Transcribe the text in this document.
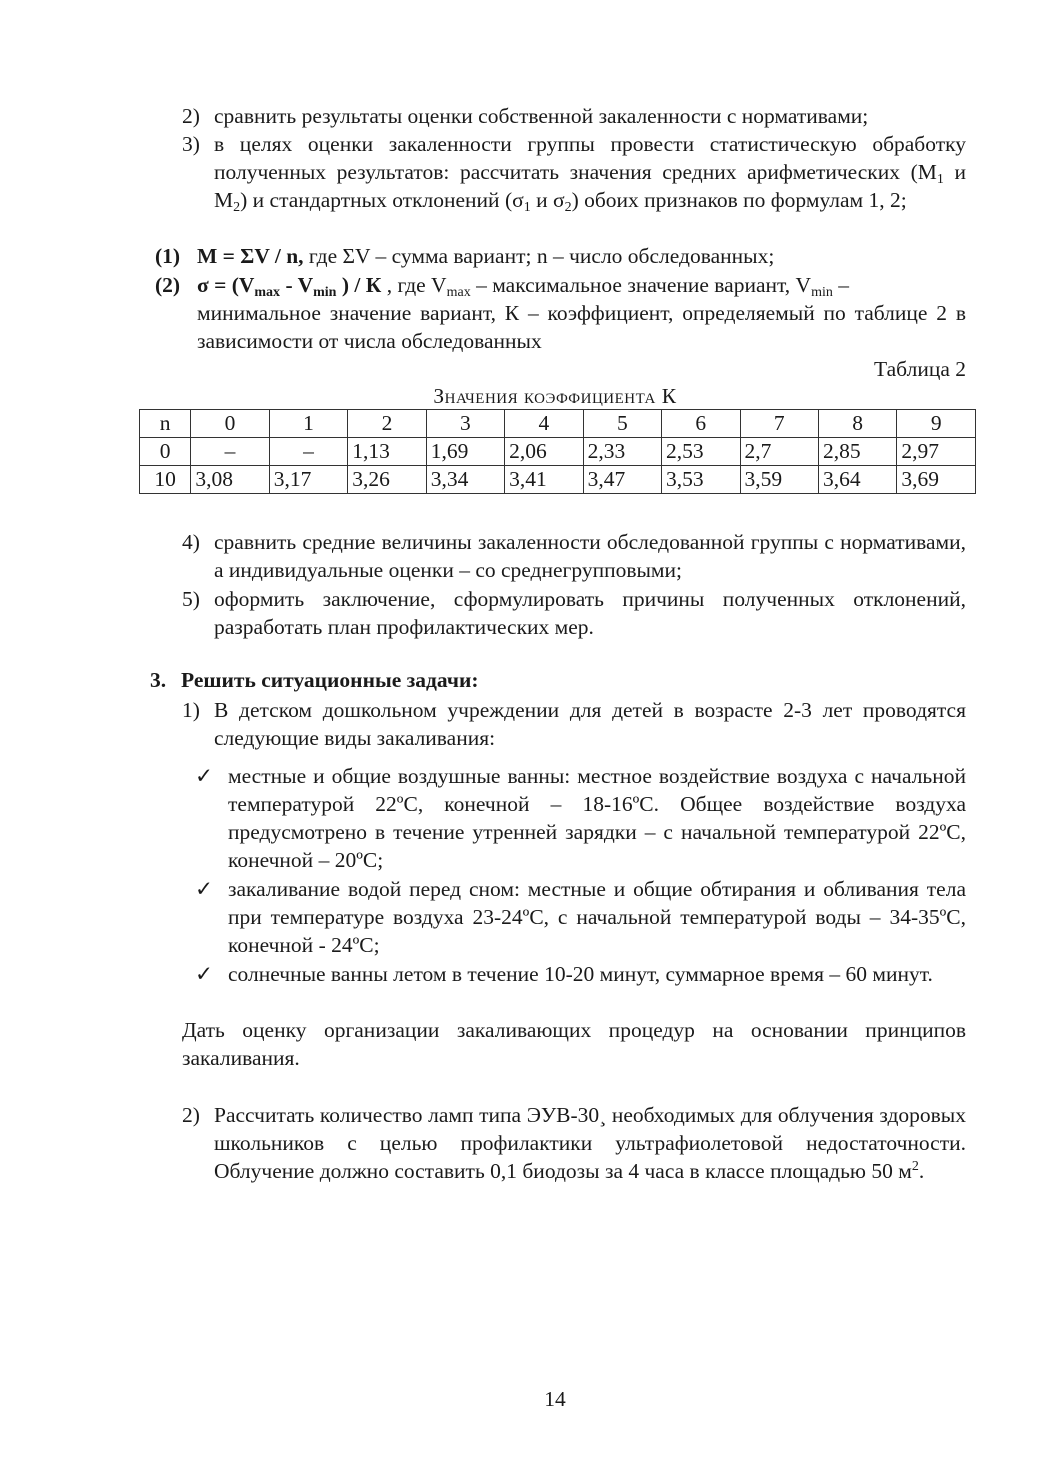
2) сравнить результаты оценки собственной закаленности с нормативами;
3) в целях оценки закаленности группы провести статистическую обработку полученных результатов: рассчитать значения средних арифметических ($М_1$ и $М_2$) и стандартных отклонений ($\sigma_1$ и $\sigma_2$) обоих признаков по формулам 1, 2;
(1) М = ΣV / n, где ΣV – сумма вариант; n – число обследованных;
(2) $\sigma = (V_{max} - V_{min}$ ) / К , где $V_{max}$ – максимальное значение вариант, $V_{min}$ –
минимальное значение вариант, К – коэффициент, определяемый по таблице 2 в зависимости от числа обследованных
Таблица 2
Значения коэффициента К
n	0	1	2	3	4	5	6	7	8	9
0	–	–	1,13	1,69	2,06	2,33	2,53	2,7	2,85	2,97
10	3,08	3,17	3,26	3,34	3,41	3,47	3,53	3,59	3,64	3,69
4) сравнить средние величины закаленности обследованной группы с нормативами, а индивидуальные оценки – со среднегрупповыми;
5) оформить заключение, сформулировать причины полученных отклонений, разработать план профилактических мер.
3. Решить ситуационные задачи:
1) В детском дошкольном учреждении для детей в возрасте 2-3 лет проводятся следующие виды закаливания:
✓ местные и общие воздушные ванны: местное воздействие воздуха с начальной температурой 22ºС, конечной – 18-16ºС. Общее воздействие воздуха предусмотрено в течение утренней зарядки – с начальной температурой 22ºС, конечной – 20ºС;
✓ закаливание водой перед сном: местные и общие обтирания и обливания тела при температуре воздуха 23-24ºС, с начальной температурой воды – 34-35ºС, конечной - 24ºС;
✓ солнечные ванны летом в течение 10-20 минут, суммарное время – 60 минут.
Дать оценку организации закаливающих процедур на основании принципов закаливания.
2) Рассчитать количество ламп типа ЭУВ-30¸ необходимых для облучения здоровых школьников с целью профилактики ультрафиолетовой недостаточности. Облучение должно составить 0,1 биодозы за 4 часа в классе площадью 50 $м^2$.
14
